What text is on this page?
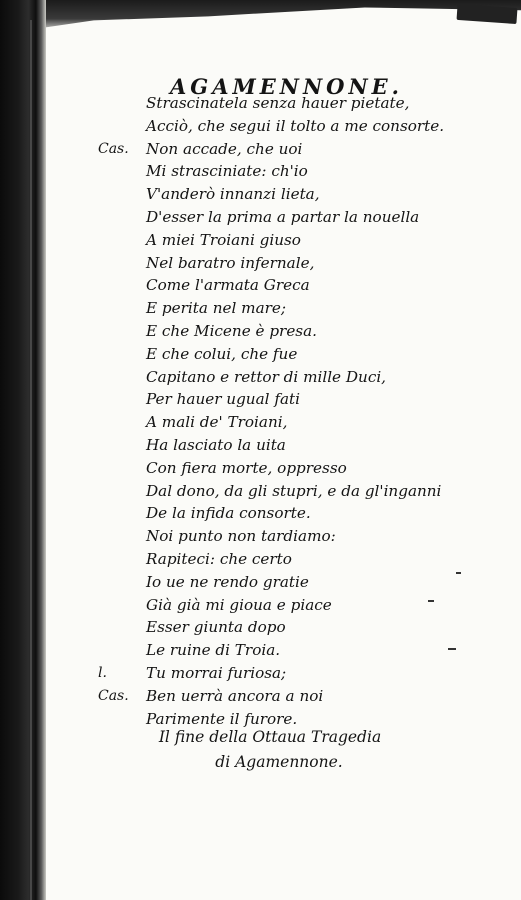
AGAMENNONE.
Strascinatela senza hauer pietate,
Acciò, che segui il tolto a me consorte.
Cas.	Non accade, che uoi
Mi strasciniate: ch'io
V'anderò innanzi lieta,
D'esser la prima a partar la nouella
A miei Troiani giuso
Nel baratro infernale,
Come l'armata Greca
E perita nel mare;
E che Micene è presa.
E che colui, che fue
Capitano e rettor di mille Duci,
Per hauer ugual fati
A mali de' Troiani,
Ha lasciato la uita
Con fiera morte, oppresso
Dal dono, da gli stupri, e da gl'inganni
De la infida consorte.
Noi punto non tardiamo:
Rapiteci: che certo
Io ue ne rendo gratie
Già già mi gioua e piace
Esser giunta dopo
Le ruine di Troia.
l.	Tu morrai furiosa;
Cas.	Ben uerrà ancora a noi
Parimente il furore.
Il fine della Ottaua Tragedia
di Agamennone.
